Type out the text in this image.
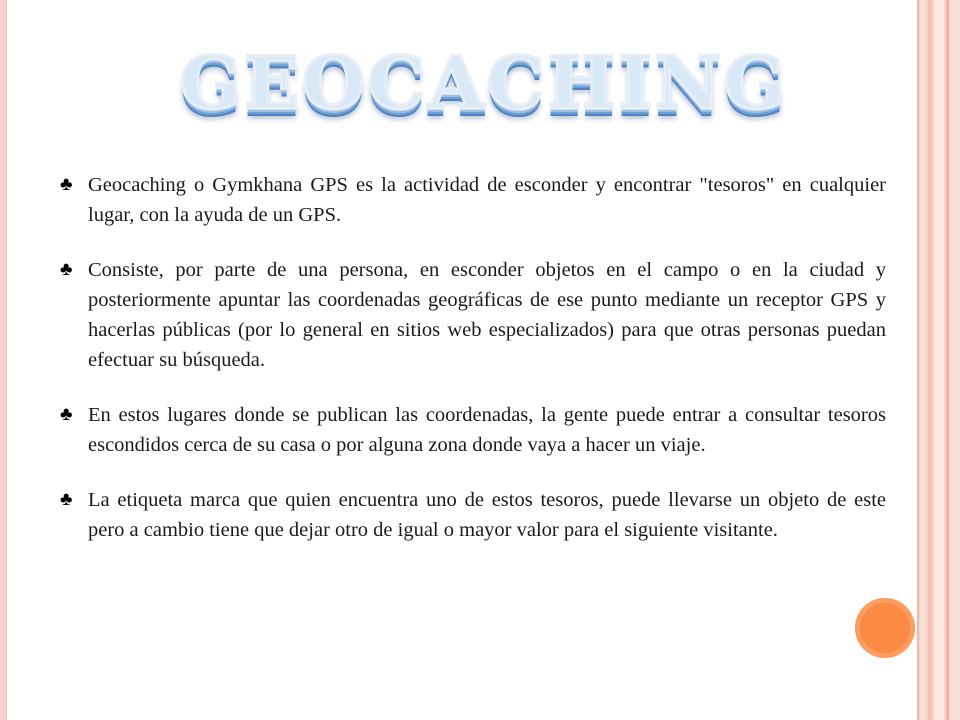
GEOCACHING
♣ Geocaching o Gymkhana GPS es la actividad de esconder y encontrar "tesoros" en cualquier lugar, con la ayuda de un GPS.
♣ Consiste, por parte de una persona, en esconder objetos en el campo o en la ciudad y posteriormente apuntar las coordenadas geográficas de ese punto mediante un receptor GPS y hacerlas públicas (por lo general en sitios web especializados) para que otras personas puedan efectuar su búsqueda.
♣ En estos lugares donde se publican las coordenadas, la gente puede entrar a consultar tesoros escondidos cerca de su casa o por alguna zona donde vaya a hacer un viaje.
♣ La etiqueta marca que quien encuentra uno de estos tesoros, puede llevarse un objeto de este pero a cambio tiene que dejar otro de igual o mayor valor para el siguiente visitante.
